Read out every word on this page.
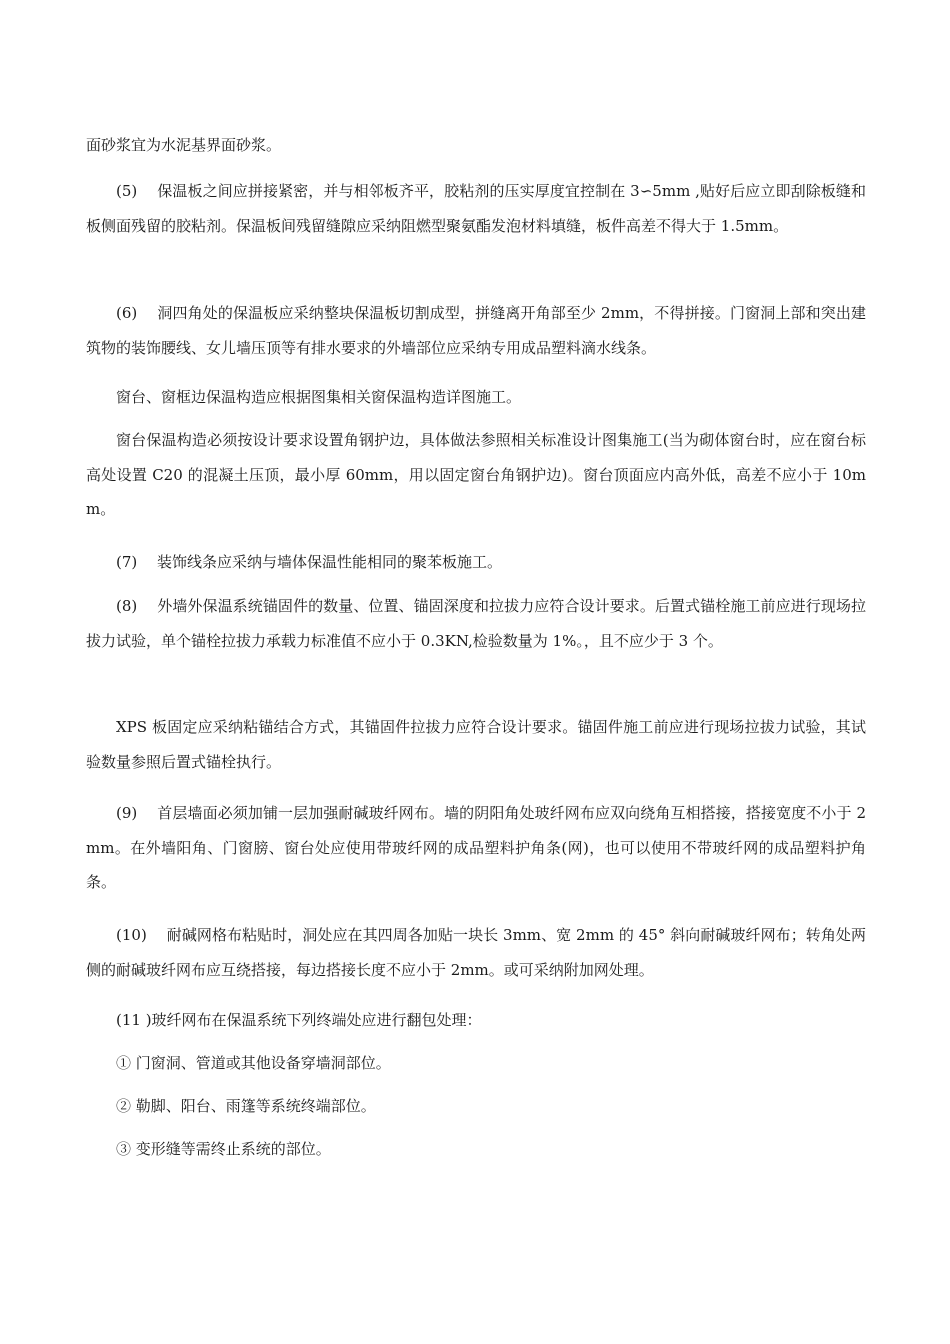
面砂浆宜为水泥基界面砂浆。

(5)　 保温板之间应拼接紧密，并与相邻板齐平，胶粘剂的压实厚度宜控制在 3∽5mm ,贴好后应立即刮除板缝和板侧面残留的胶粘剂。保温板间残留缝隙应采纳阻燃型聚氨酯发泡材料填缝，板件高差不得大于 1.5mm。

(6)　 洞四角处的保温板应采纳整块保温板切割成型，拼缝离开角部至少 2mm，不得拼接。门窗洞上部和突出建筑物的装饰腰线、女儿墙压顶等有排水要求的外墙部位应采纳专用成品塑料滴水线条。

窗台、窗框边保温构造应根据图集相关窗保温构造详图施工。

窗台保温构造必须按设计要求设置角钢护边，具体做法参照相关标准设计图集施工(当为砌体窗台时，应在窗台标高处设置 C20 的混凝土压顶，最小厚 60mm，用以固定窗台角钢护边)。窗台顶面应内高外低，高差不应小于 10mm。

(7)　 装饰线条应采纳与墙体保温性能相同的聚苯板施工。

(8)　 外墙外保温系统锚固件的数量、位置、锚固深度和拉拔力应符合设计要求。后置式锚栓施工前应进行现场拉拔力试验，单个锚栓拉拔力承载力标准值不应小于 0.3KN,检验数量为 1%。，且不应少于 3 个。

XPS 板固定应采纳粘锚结合方式，其锚固件拉拔力应符合设计要求。锚固件施工前应进行现场拉拔力试验，其试验数量参照后置式锚栓执行。

(9)　 首层墙面必须加铺一层加强耐碱玻纤网布。墙的阴阳角处玻纤网布应双向绕角互相搭接，搭接宽度不小于 2mm。在外墙阳角、门窗膀、窗台处应使用带玻纤网的成品塑料护角条(网)，也可以使用不带玻纤网的成品塑料护角条。

(10)　 耐碱网格布粘贴时，洞处应在其四周各加贴一块长 3mm、宽 2mm 的 45° 斜向耐碱玻纤网布；转角处两侧的耐碱玻纤网布应互绕搭接，每边搭接长度不应小于 2mm。或可采纳附加网处理。

(11 )玻纤网布在保温系统下列终端处应进行翻包处理：

① 门窗洞、管道或其他设备穿墙洞部位。

② 勒脚、阳台、雨篷等系统终端部位。

③ 变形缝等需终止系统的部位。
